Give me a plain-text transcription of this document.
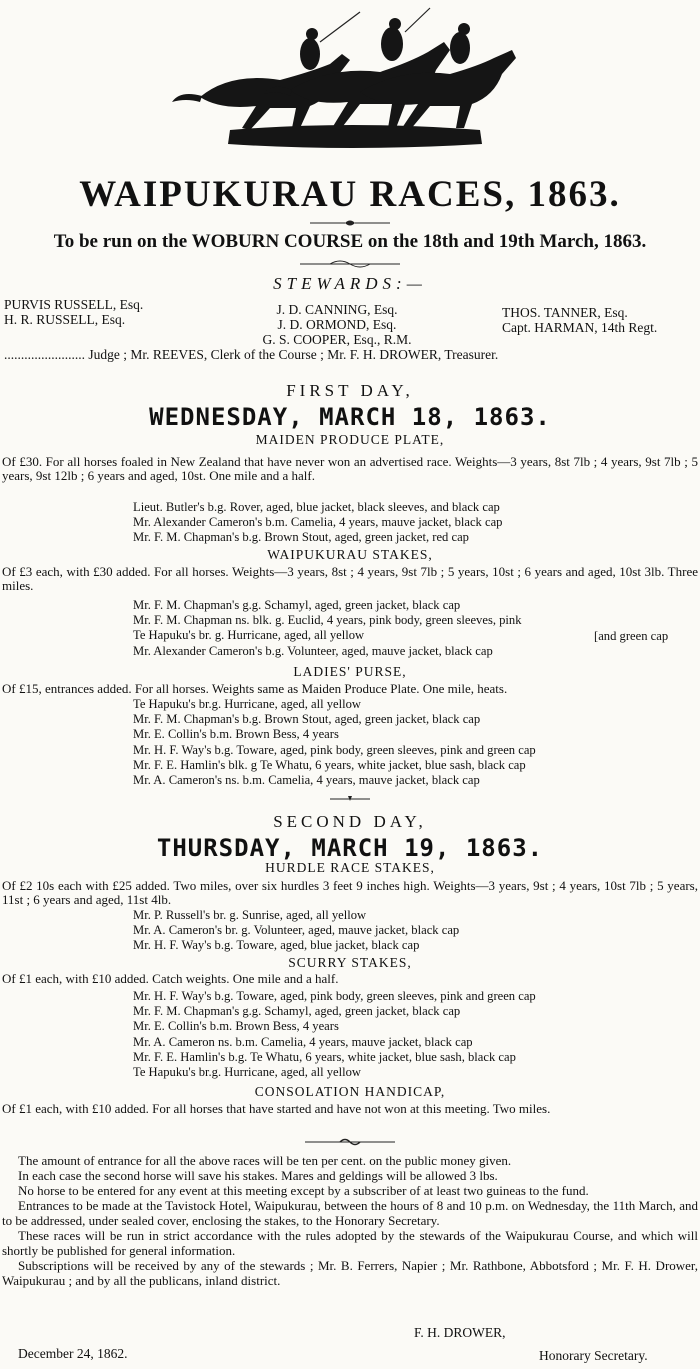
WAIPUKURAU RACES, 1863.
To be run on the WOBURN COURSE on the 18th and 19th March, 1863.
STEWARDS:—
PURVIS RUSSELL, Esq.
H. R. RUSSELL, Esq.
J. D. CANNING, Esq.
J. D. ORMOND, Esq.
G. S. COOPER, Esq., R.M.
THOS. TANNER, Esq.
Capt. HARMAN, 14th Regt.
........................ Judge ; Mr. REEVES, Clerk of the Course ; Mr. F. H. DROWER, Treasurer.
FIRST DAY,
WEDNESDAY, MARCH 18, 1863.
MAIDEN PRODUCE PLATE,
Of £30. For all horses foaled in New Zealand that have never won an advertised race. Weights—3 years, 8st 7lb ; 4 years, 9st 7lb ; 5 years, 9st 12lb ; 6 years and aged, 10st. One mile and a half.
Lieut. Butler's b.g. Rover, aged, blue jacket, black sleeves, and black cap
Mr. Alexander Cameron's b.m. Camelia, 4 years, mauve jacket, black cap
Mr. F. M. Chapman's b.g. Brown Stout, aged, green jacket, red cap
WAIPUKURAU STAKES,
Of £3 each, with £30 added. For all horses. Weights—3 years, 8st ; 4 years, 9st 7lb ; 5 years, 10st ; 6 years and aged, 10st 3lb. Three miles.
Mr. F. M. Chapman's g.g. Schamyl, aged, green jacket, black cap
Mr. F. M. Chapman ns. blk. g. Euclid, 4 years, pink body, green sleeves, pink
Te Hapuku's br. g. Hurricane, aged, all yellow
Mr. Alexander Cameron's b.g. Volunteer, aged, mauve jacket, black cap
[and green cap
LADIES' PURSE,
Of £15, entrances added. For all horses. Weights same as Maiden Produce Plate. One mile, heats.
Te Hapuku's br.g. Hurricane, aged, all yellow
Mr. F. M. Chapman's b.g. Brown Stout, aged, green jacket, black cap
Mr. E. Collin's b.m. Brown Bess, 4 years
Mr. H. F. Way's b.g. Towarе, aged, pink body, green sleeves, pink and green cap
Mr. F. E. Hamlin's blk. g Te Whatu, 6 years, white jacket, blue sash, black cap
Mr. A. Cameron's ns. b.m. Camelia, 4 years, mauve jacket, black cap
SECOND DAY,
THURSDAY, MARCH 19, 1863.
HURDLE RACE STAKES,
Of £2 10s each with £25 added. Two miles, over six hurdles 3 feet 9 inches high. Weights—3 years, 9st ; 4 years, 10st 7lb ; 5 years, 11st ; 6 years and aged, 11st 4lb.
Mr. P. Russell's br. g. Sunrise, aged, all yellow
Mr. A. Cameron's br. g. Volunteer, aged, mauve jacket, black cap
Mr. H. F. Way's b.g. Towarе, aged, blue jacket, black cap
SCURRY STAKES,
Of £1 each, with £10 added. Catch weights. One mile and a half.
Mr. H. F. Way's b.g. Towarе, aged, pink body, green sleeves, pink and green cap
Mr. F. M. Chapman's g.g. Schamyl, aged, green jacket, black cap
Mr. E. Collin's b.m. Brown Bess, 4 years
Mr. A. Cameron ns. b.m. Camelia, 4 years, mauve jacket, black cap
Mr. F. E. Hamlin's b.g. Te Whatu, 6 years, white jacket, blue sash, black cap
Te Hapuku's br.g. Hurricane, aged, all yellow
CONSOLATION HANDICAP,
Of £1 each, with £10 added. For all horses that have started and have not won at this meeting. Two miles.

The amount of entrance for all the above races will be ten per cent. on the public money given.

In each case the second horse will save his stakes. Mares and geldings will be allowed 3 lbs.

No horse to be entered for any event at this meeting except by a subscriber of at least two guineas to the fund.

Entrances to be made at the Tavistock Hotel, Waipukurau, between the hours of 8 and 10 p.m. on Wednesday, the 11th March, and to be addressed, under sealed cover, enclosing the stakes, to the Honorary Secretary.

These races will be run in strict accordance with the rules adopted by the stewards of the Waipukurau Course, and which will shortly be published for general information.

Subscriptions will be received by any of the stewards ; Mr. B. Ferrers, Napier ; Mr. Rathbone, Abbotsford ; Mr. F. H. Drower, Waipukurau ; and by all the publicans, inland district.

F. H. DROWER,
December 24, 1862.	Honorary Secretary.
